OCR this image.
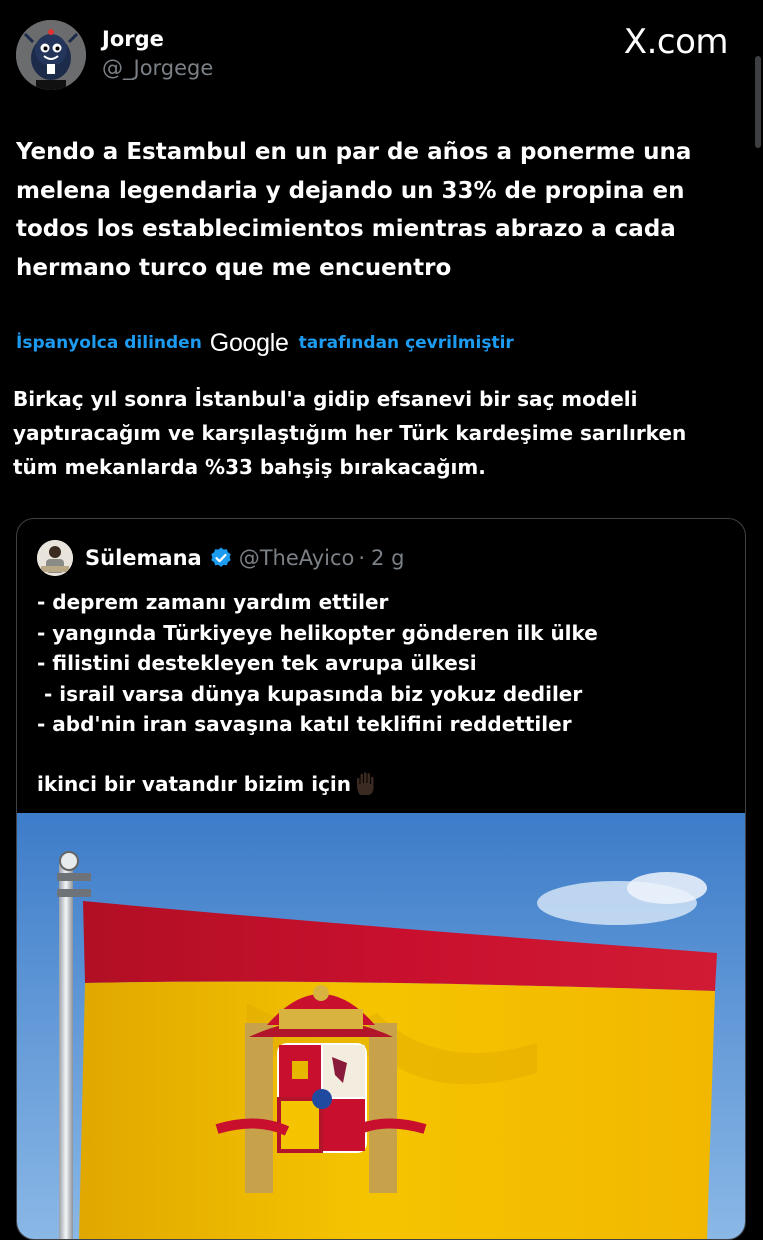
Jorge
@_Jorgege
X.com
Yendo a Estambul en un par de años a ponerme una
melena legendaria y dejando un 33% de propina en
todos los establecimientos mientras abrazo a cada
hermano turco que me encuentro
İspanyolca dilinden Google tarafından çevrilmiştir
Birkaç yıl sonra İstanbul'a gidip efsanevi bir saç modeli
yaptıracağım ve karşılaştığım her Türk kardeşime sarılırken
tüm mekanlarda %33 bahşiş bırakacağım.
Sülemana @TheAyico · 2 g
- deprem zamanı yardım ettiler
- yangında Türkiyeye helikopter gönderen ilk ülke
- filistini destekleyen tek avrupa ülkesi
- israil varsa dünya kupasında biz yokuz dediler
- abd'nin iran savaşına katıl teklifini reddettiler
ikinci bir vatandır bizim için
